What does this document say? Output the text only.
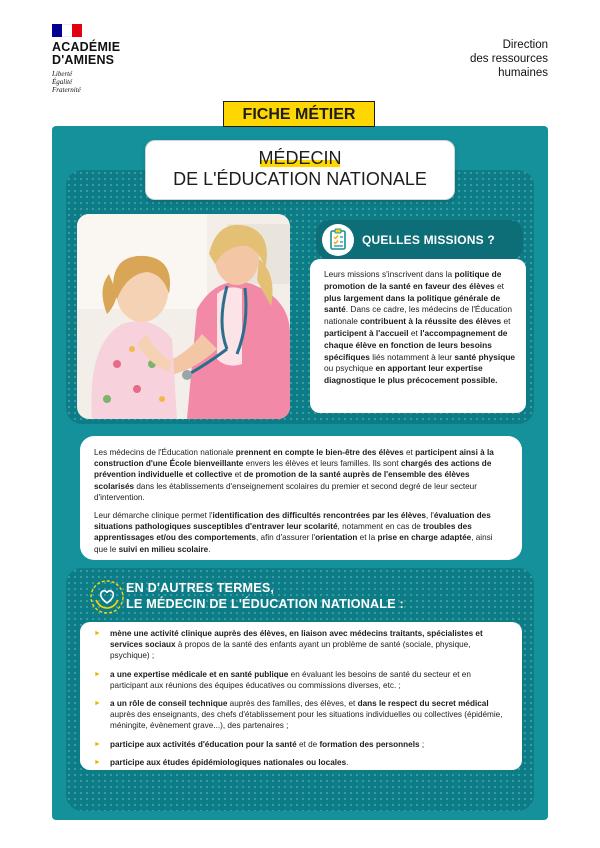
ACADÉMIE
D'AMIENS
Liberté
Égalité
Fraternité
Direction
des ressources
humaines
FICHE MÉTIER
MÉDECIN
DE L'ÉDUCATION NATIONALE
QUELLES MISSIONS ?
Leurs missions s'inscrivent dans la politique de promotion de la santé en faveur des élèves et plus largement dans la politique générale de santé. Dans ce cadre, les médecins de l'Éducation nationale contribuent à la réussite des élèves et participent à l'accueil et l'accompagnement de chaque élève en fonction de leurs besoins spécifiques liés notamment à leur santé physique ou psychique en apportant leur expertise diagnostique le plus précocement possible.

Les médecins de l'Éducation nationale prennent en compte le bien-être des élèves et participent ainsi à la construction d'une École bienveillante envers les élèves et leurs familles. Ils sont chargés des actions de prévention individuelle et collective et de promotion de la santé auprès de l'ensemble des élèves scolarisés dans les établissements d'enseignement scolaires du premier et second degré de leur secteur d'intervention.

Leur démarche clinique permet l'identification des difficultés rencontrées par les élèves, l'évaluation des situations pathologiques susceptibles d'entraver leur scolarité, notamment en cas de troubles des apprentissages et/ou des comportements, afin d'assurer l'orientation et la prise en charge adaptée, ainsi que le suivi en milieu scolaire.

EN D'AUTRES TERMES,
LE MÉDECIN DE L'ÉDUCATION NATIONALE :
► mène une activité clinique auprès des élèves, en liaison avec médecins traitants, spécialistes et services sociaux à propos de la santé des enfants ayant un problème de santé (sociale, physique, psychique) ;
► a une expertise médicale et en santé publique en évaluant les besoins de santé du secteur et en participant aux réunions des équipes éducatives ou commissions diverses, etc. ;
► a un rôle de conseil technique auprès des familles, des élèves, et dans le respect du secret médical auprès des enseignants, des chefs d'établissement pour les situations individuelles ou collectives (épidémie, méningite, évènement grave...), des partenaires ;
► participe aux activités d'éducation pour la santé et de formation des personnels ;
► participe aux études épidémiologiques nationales ou locales.
